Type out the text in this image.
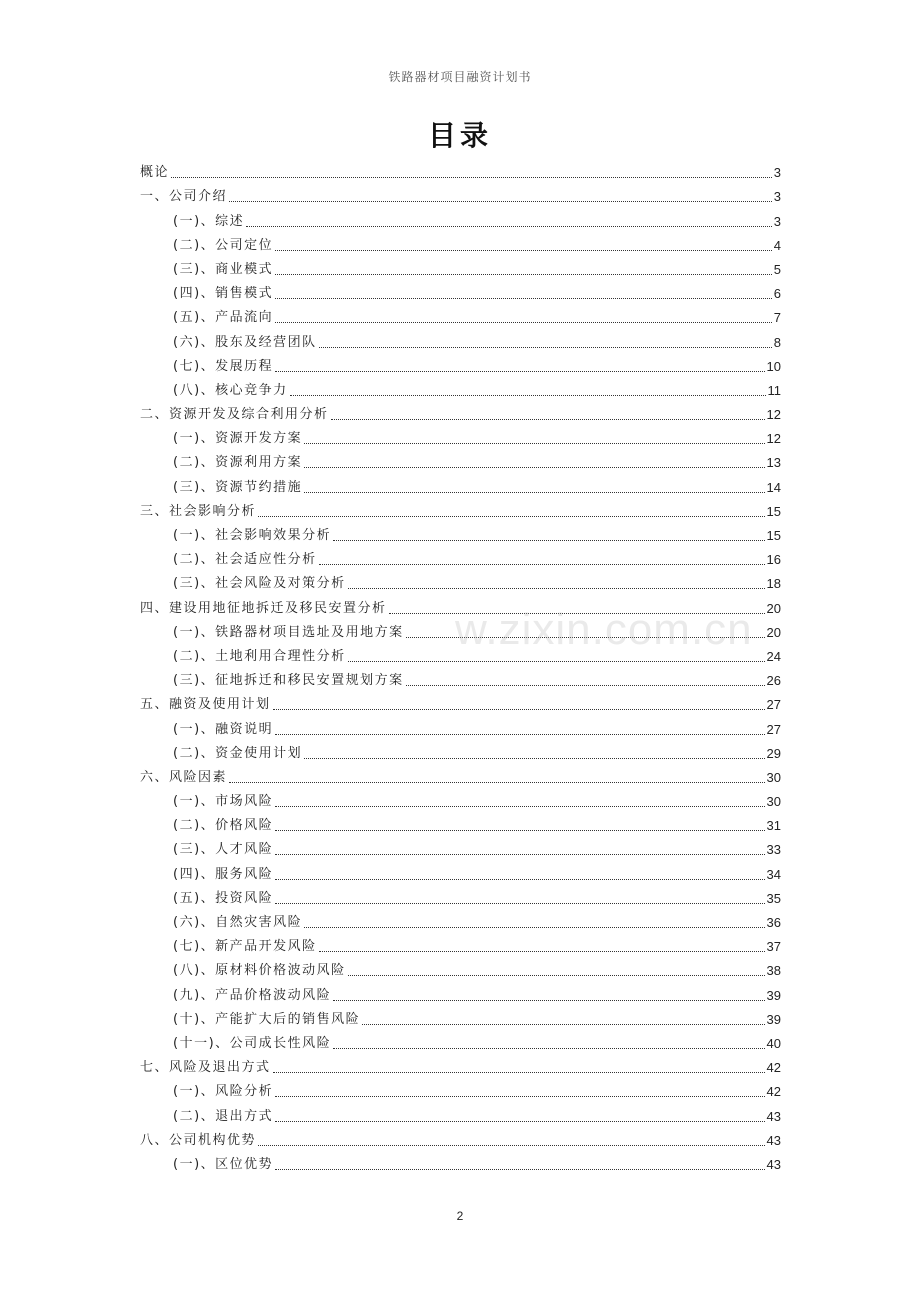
铁路器材项目融资计划书
目录
概论	3
一、公司介绍	3
(一)、综述	3
(二)、公司定位	4
(三)、商业模式	5
(四)、销售模式	6
(五)、产品流向	7
(六)、股东及经营团队	8
(七)、发展历程	10
(八)、核心竞争力	11
二、资源开发及综合利用分析	12
(一)、资源开发方案	12
(二)、资源利用方案	13
(三)、资源节约措施	14
三、社会影响分析	15
(一)、社会影响效果分析	15
(二)、社会适应性分析	16
(三)、社会风险及对策分析	18
四、建设用地征地拆迁及移民安置分析	20
(一)、铁路器材项目选址及用地方案	20
(二)、土地利用合理性分析	24
(三)、征地拆迁和移民安置规划方案	26
五、融资及使用计划	27
(一)、融资说明	27
(二)、资金使用计划	29
六、风险因素	30
(一)、市场风险	30
(二)、价格风险	31
(三)、人才风险	33
(四)、服务风险	34
(五)、投资风险	35
(六)、自然灾害风险	36
(七)、新产品开发风险	37
(八)、原材料价格波动风险	38
(九)、产品价格波动风险	39
(十)、产能扩大后的销售风险	39
(十一)、公司成长性风险	40
七、风险及退出方式	42
(一)、风险分析	42
(二)、退出方式	43
八、公司机构优势	43
(一)、区位优势	43
w.zixin.com.cn
2
